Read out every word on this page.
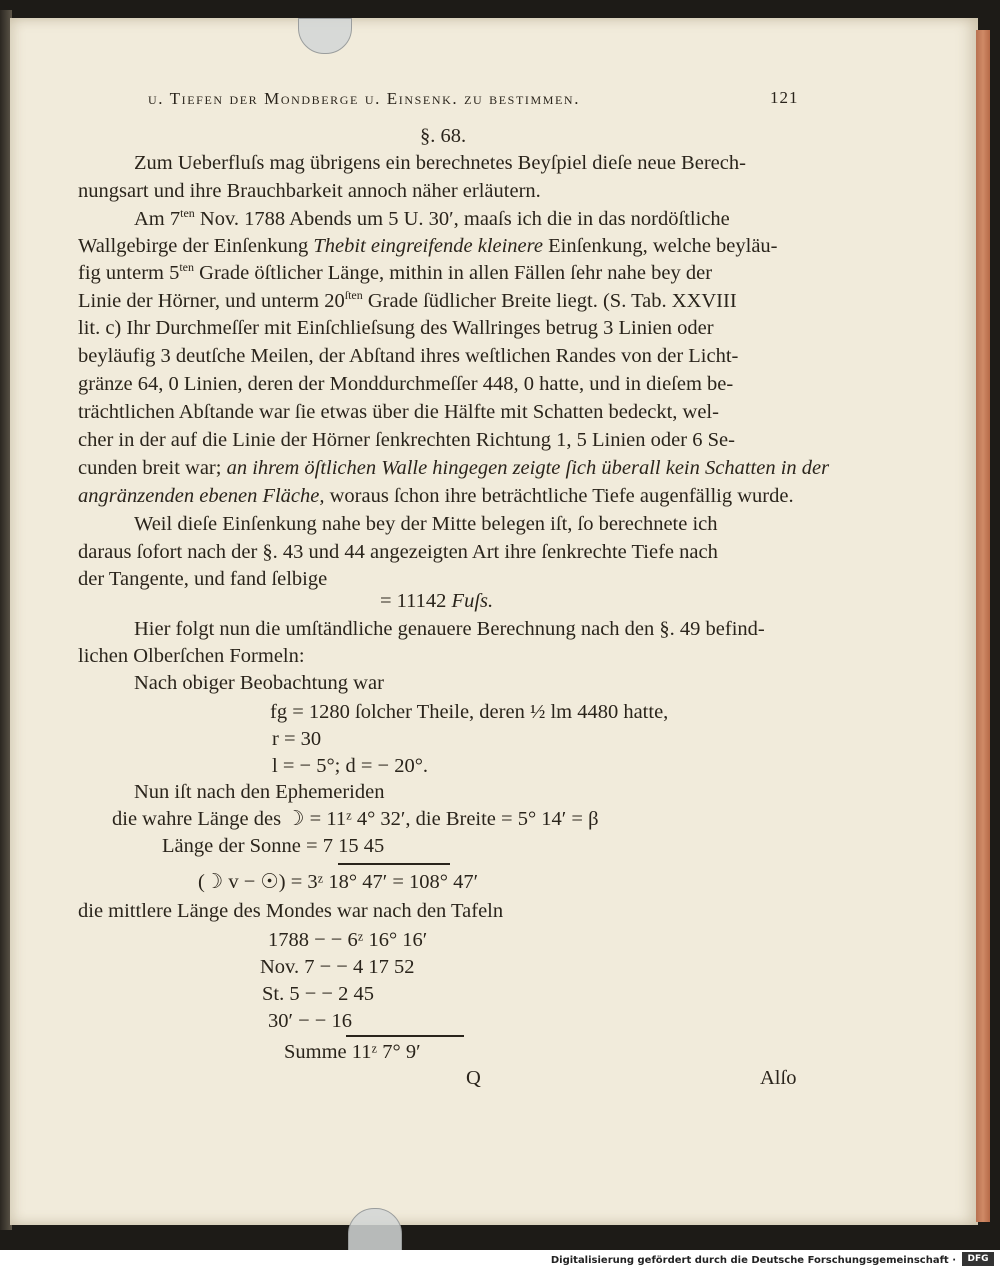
u. Tiefen der Mondberge u. Einsenk. zu bestimmen.	121
§. 68.
Zum Ueberfluſs mag übrigens ein berechnetes Beyſpiel dieſe neue Berech-
nungsart und ihre Brauchbarkeit annoch näher erläutern.
Am $7^{ten}$ Nov. 1788 Abends um 5 U. 30′, maaſs ich die in das nordöſtliche
Wallgebirge der Einſenkung Thebit eingreifende kleinere Einſenkung, welche beyläu-
fig unterm $5^{ten}$ Grade öſtlicher Länge, mithin in allen Fällen ſehr nahe bey der
Linie der Hörner, und unterm $20^{ſten}$ Grade ſüdlicher Breite liegt. (S. Tab. XXVIII
lit. c) Ihr Durchmeſſer mit Einſchlieſsung des Wallringes betrug 3 Linien oder
beyläufig 3 deutſche Meilen, der Abſtand ihres weſtlichen Randes von der Licht-
gränze 64, 0 Linien, deren der Monddurchmeſſer 448, 0 hatte, und in dieſem be-
trächtlichen Abſtande war ſie etwas über die Hälfte mit Schatten bedeckt, wel-
cher in der auf die Linie der Hörner ſenkrechten Richtung 1, 5 Linien oder 6 Se-
cunden breit war; an ihrem öſtlichen Walle hingegen zeigte ſich überall kein Schatten in der
angränzenden ebenen Fläche, woraus ſchon ihre beträchtliche Tiefe augenfällig wurde.
Weil dieſe Einſenkung nahe bey der Mitte belegen iſt, ſo berechnete ich
daraus ſofort nach der §. 43 und 44 angezeigten Art ihre ſenkrechte Tiefe nach
der Tangente, und fand ſelbige
= 11142 Fuſs.
Hier folgt nun die umſtändliche genauere Berechnung nach den §. 49 befind-
lichen Olberſchen Formeln:
Nach obiger Beobachtung war
fg = 1280 ſolcher Theile, deren ½ lm 4480 hatte,
r = 30
l = − 5°; d = − 20°.
Nun iſt nach den Ephemeriden
die wahre Länge des ☽ = 11ᶻ 4° 32′, die Breite = 5° 14′ = β
Länge der Sonne = 7 15 45
(☽ v − ☉) = 3ᶻ 18° 47′ = 108° 47′
die mittlere Länge des Mondes war nach den Tafeln
1788 − − 6ᶻ 16° 16′
Nov. 7 − − 4 17 52
St. 5 − − 2 45
30′ − − 16
Summe 11ᶻ 7° 9′
Q	Alſo
Digitalisierung gefördert durch die Deutsche Forschungsgemeinschaft ·	DFG
